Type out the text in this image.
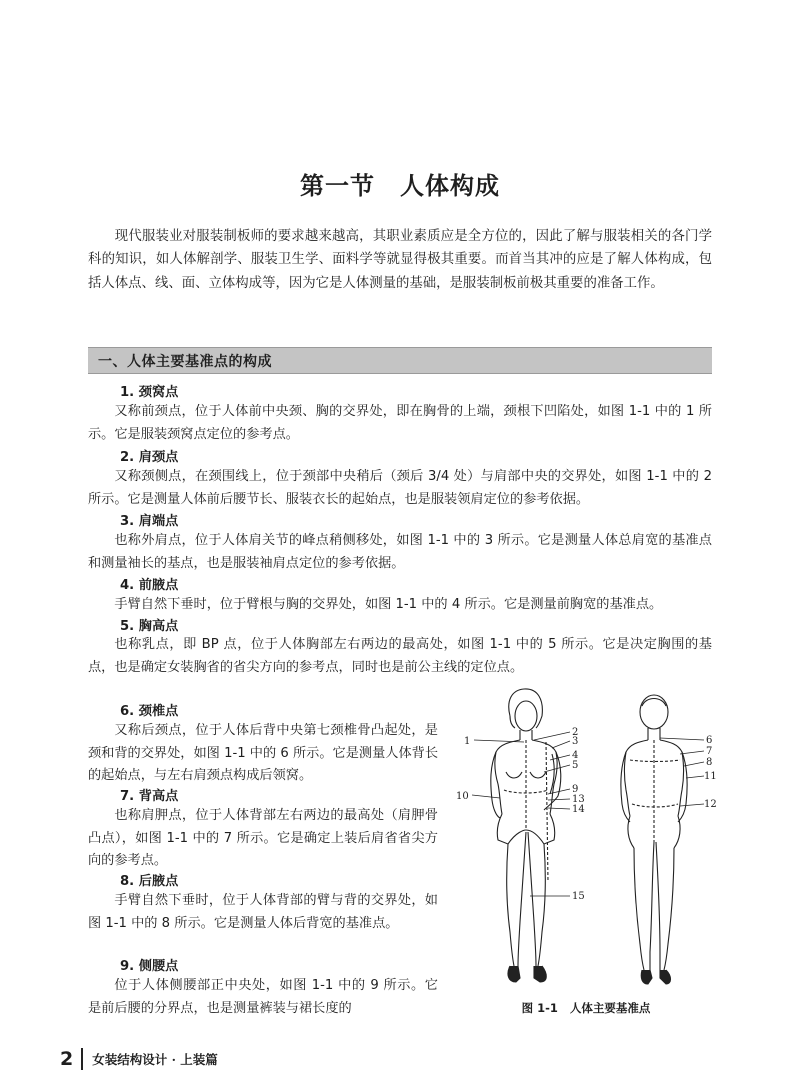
第一节　人体构成

现代服装业对服装制板师的要求越来越高，其职业素质应是全方位的，因此了解与服装相关的各门学科的知识，如人体解剖学、服装卫生学、面料学等就显得极其重要。而首当其冲的应是了解人体构成，包括人体点、线、面、立体构成等，因为它是人体测量的基础，是服装制板前极其重要的准备工作。

一、人体主要基准点的构成
1. 颈窝点

又称前颈点，位于人体前中央颈、胸的交界处，即在胸骨的上端，颈根下凹陷处，如图 1-1 中的 1 所示。它是服装颈窝点定位的参考点。

2. 肩颈点

又称颈侧点，在颈围线上，位于颈部中央稍后（颈后 3/4 处）与肩部中央的交界处，如图 1-1 中的 2 所示。它是测量人体前后腰节长、服装衣长的起始点，也是服装领肩定位的参考依据。

3. 肩端点

也称外肩点，位于人体肩关节的峰点稍侧移处，如图 1-1 中的 3 所示。它是测量人体总肩宽的基准点和测量袖长的基点，也是服装袖肩点定位的参考依据。

4. 前腋点

手臂自然下垂时，位于臂根与胸的交界处，如图 1-1 中的 4 所示。它是测量前胸宽的基准点。

5. 胸高点

也称乳点，即 BP 点，位于人体胸部左右两边的最高处，如图 1-1 中的 5 所示。它是决定胸围的基点，也是确定女装胸省的省尖方向的参考点，同时也是前公主线的定位点。

6. 颈椎点

又称后颈点，位于人体后背中央第七颈椎骨凸起处，是颈和背的交界处，如图 1-1 中的 6 所示。它是测量人体背长的起始点，与左右肩颈点构成后领窝。

7. 背高点

也称肩胛点，位于人体背部左右两边的最高处（肩胛骨凸点），如图 1-1 中的 7 所示。它是确定上装后肩省省尖方向的参考点。

8. 后腋点

手臂自然下垂时，位于人体背部的臂与背的交界处，如图 1-1 中的 8 所示。它是测量人体后背宽的基准点。

9. 侧腰点

位于人体侧腰部正中央处，如图 1-1 中的 9 所示。它是前后腰的分界点，也是测量裤装与裙长度的

1
2
3
4
5
9
10	13
14
15
6
7
8
11
12
图 1-1 人体主要基准点
2 女装结构设计 · 上装篇
